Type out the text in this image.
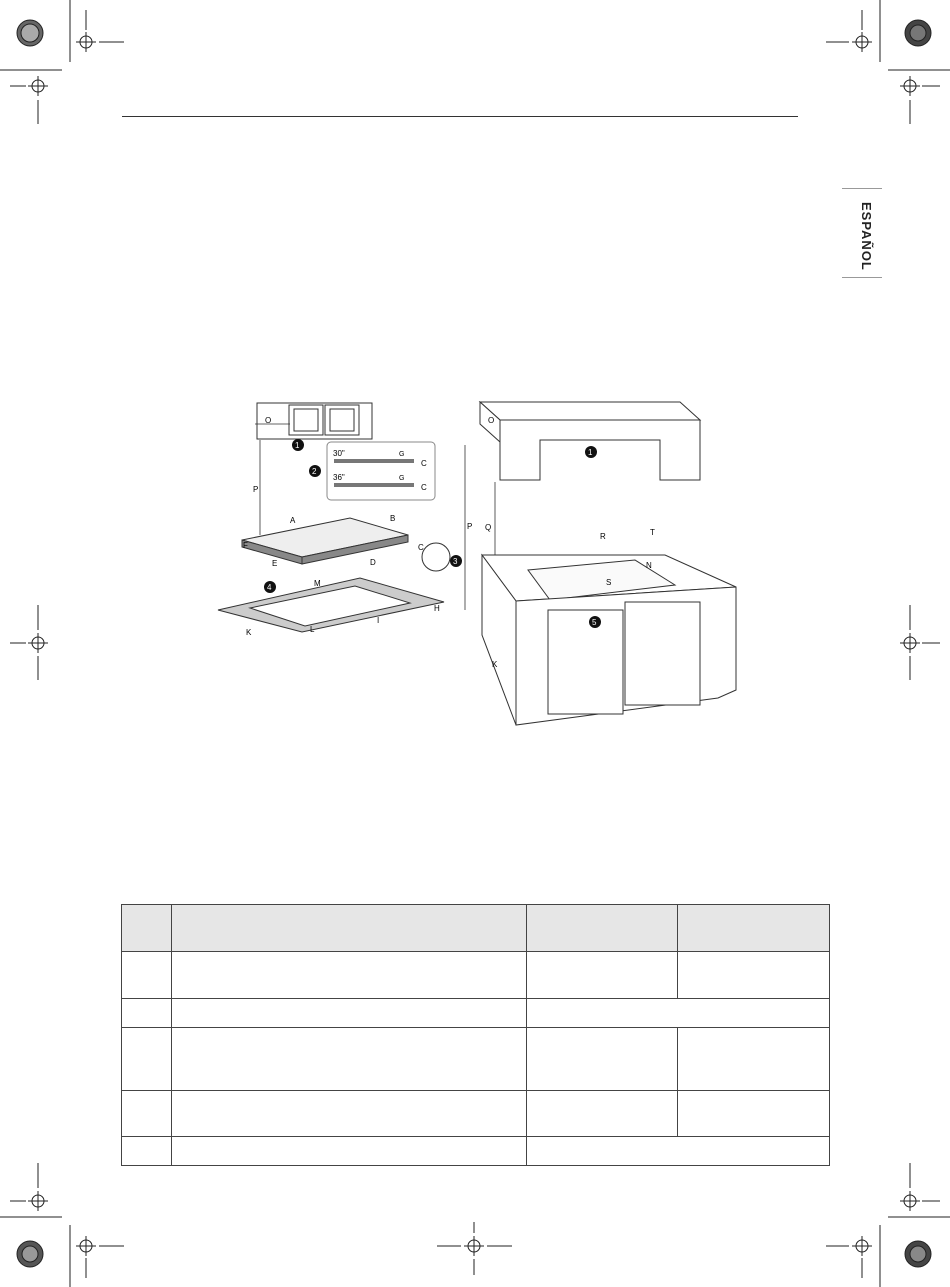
ESPAÑOL
O
P
1
30"	G
C
36"	G
C
2
A	B
F
E	D
C
3
4	M
K	L
I
H
O
P Q
1
R	T
N
S
K
5
